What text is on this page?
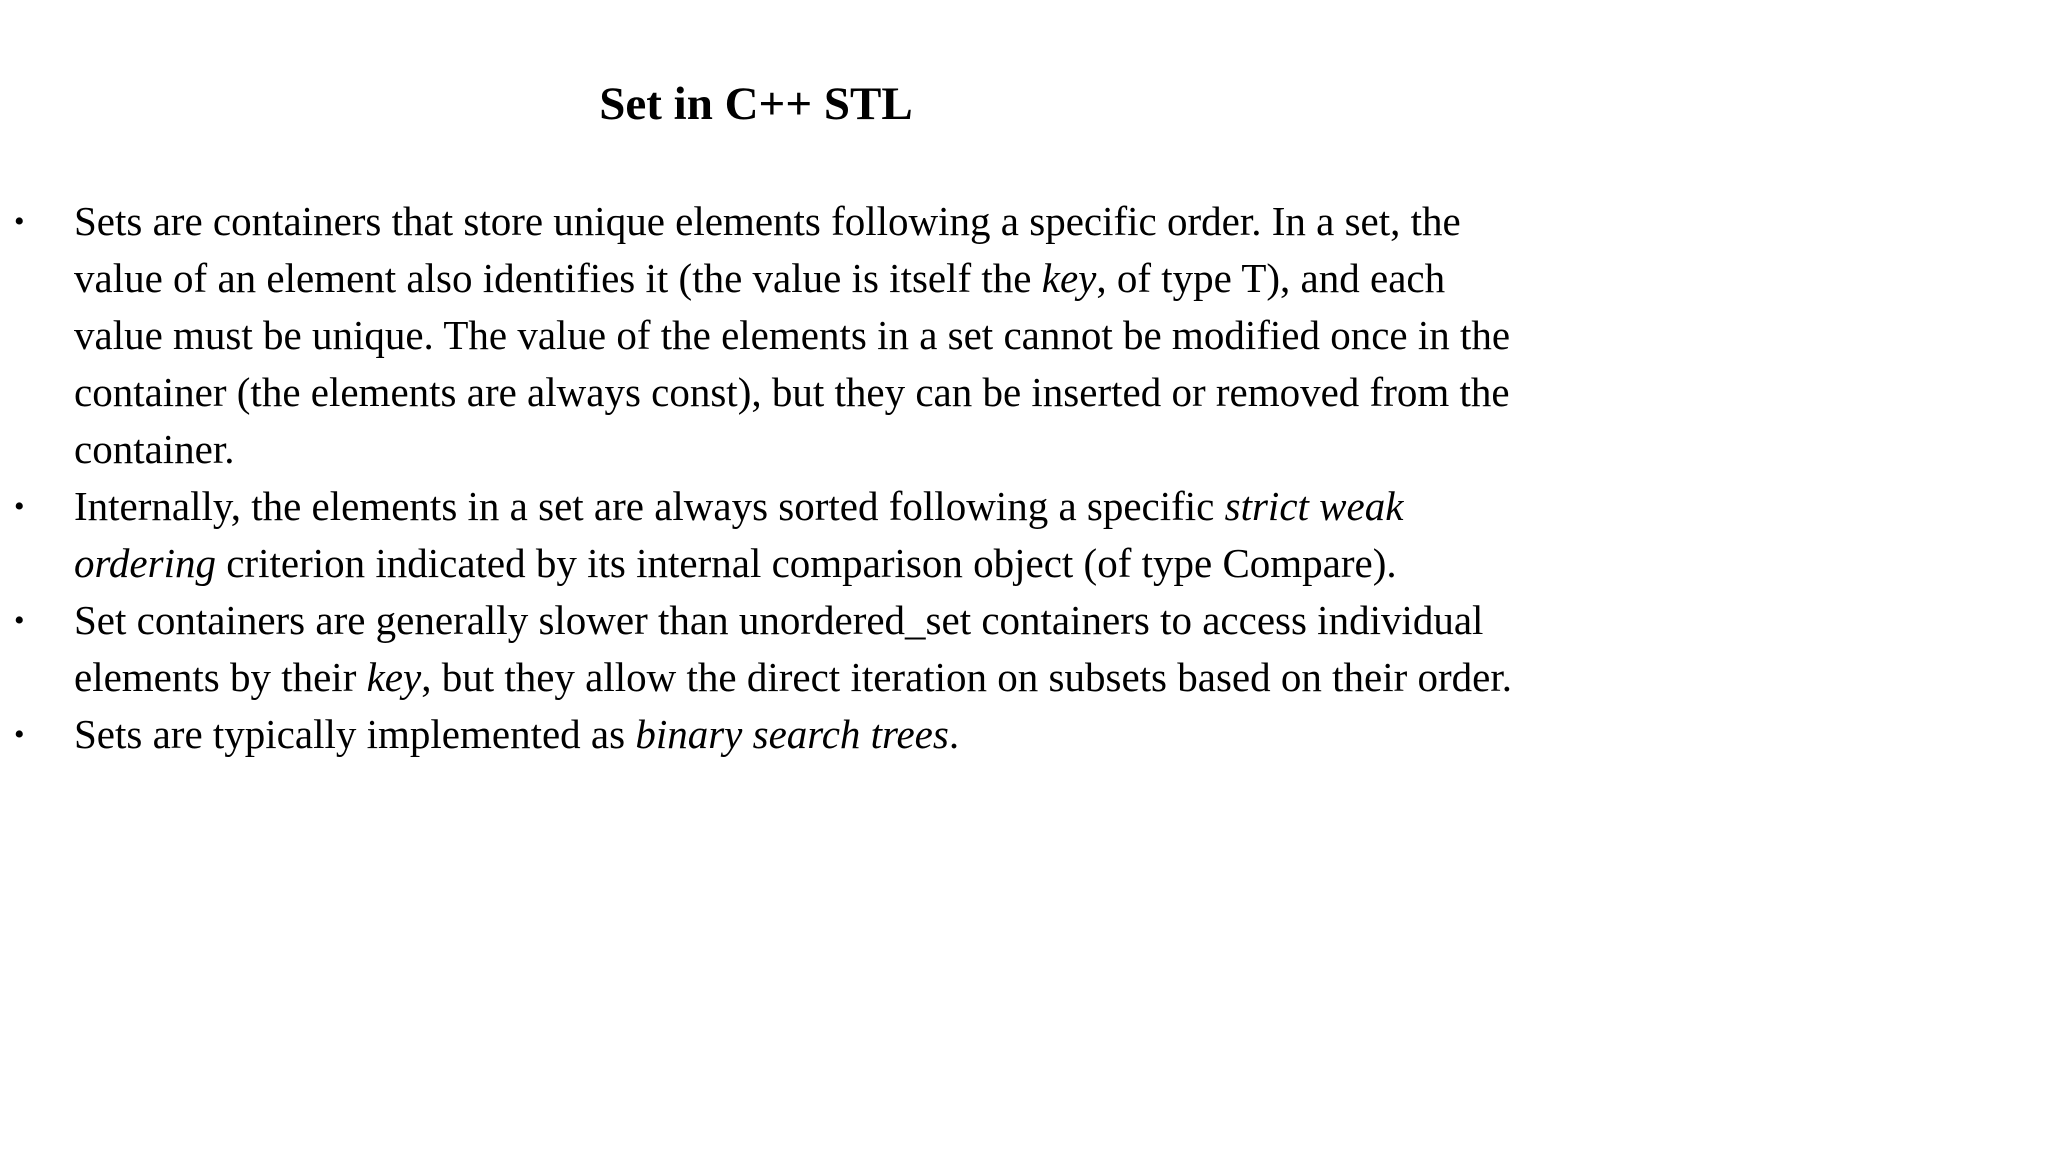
Set in C++ STL
• Sets are containers that store unique elements following a specific order. In a set, the value of an element also identifies it (the value is itself the key, of type T), and each value must be unique. The value of the elements in a set cannot be modified once in the container (the elements are always const), but they can be inserted or removed from the container.
• Internally, the elements in a set are always sorted following a specific strict weak ordering criterion indicated by its internal comparison object (of type Compare).
• Set containers are generally slower than unordered_set containers to access individual elements by their key, but they allow the direct iteration on subsets based on their order.
• Sets are typically implemented as binary search trees.
